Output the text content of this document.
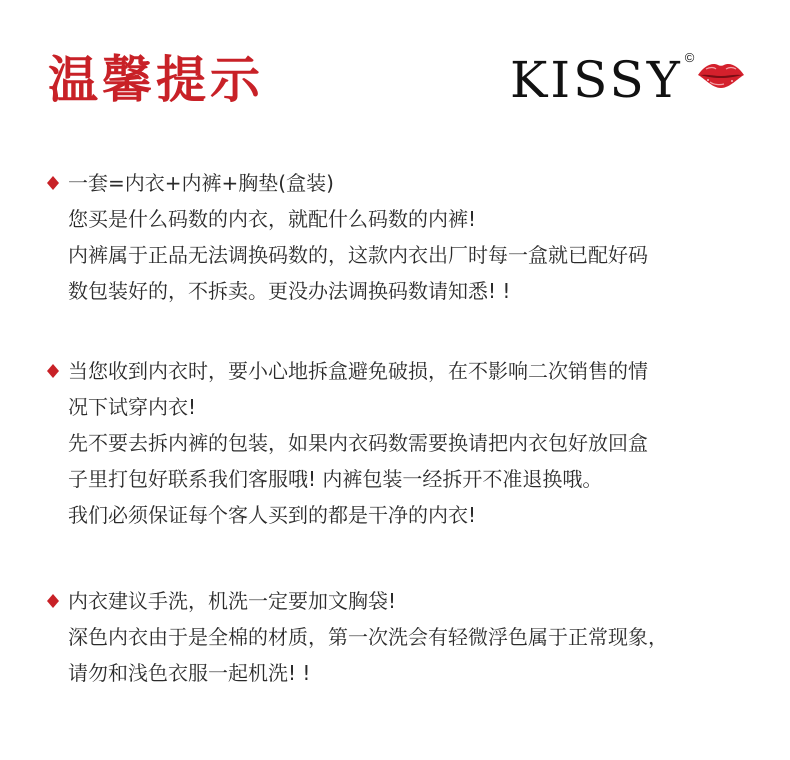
温馨提示	KISSY ©
一套=内衣+内裤+胸垫(盒装)
您买是什么码数的内衣，就配什么码数的内裤!
内裤属于正品无法调换码数的，这款内衣出厂时每一盒就已配好码
数包装好的，不拆卖。更没办法调换码数请知悉! !
当您收到内衣时，要小心地拆盒避免破损，在不影响二次销售的情
况下试穿内衣!
先不要去拆内裤的包装，如果内衣码数需要换请把内衣包好放回盒
子里打包好联系我们客服哦! 内裤包装一经拆开不准退换哦。
我们必须保证每个客人买到的都是干净的内衣!
内衣建议手洗，机洗一定要加文胸袋!
深色内衣由于是全棉的材质，第一次洗会有轻微浮色属于正常现象，
请勿和浅色衣服一起机洗! !
